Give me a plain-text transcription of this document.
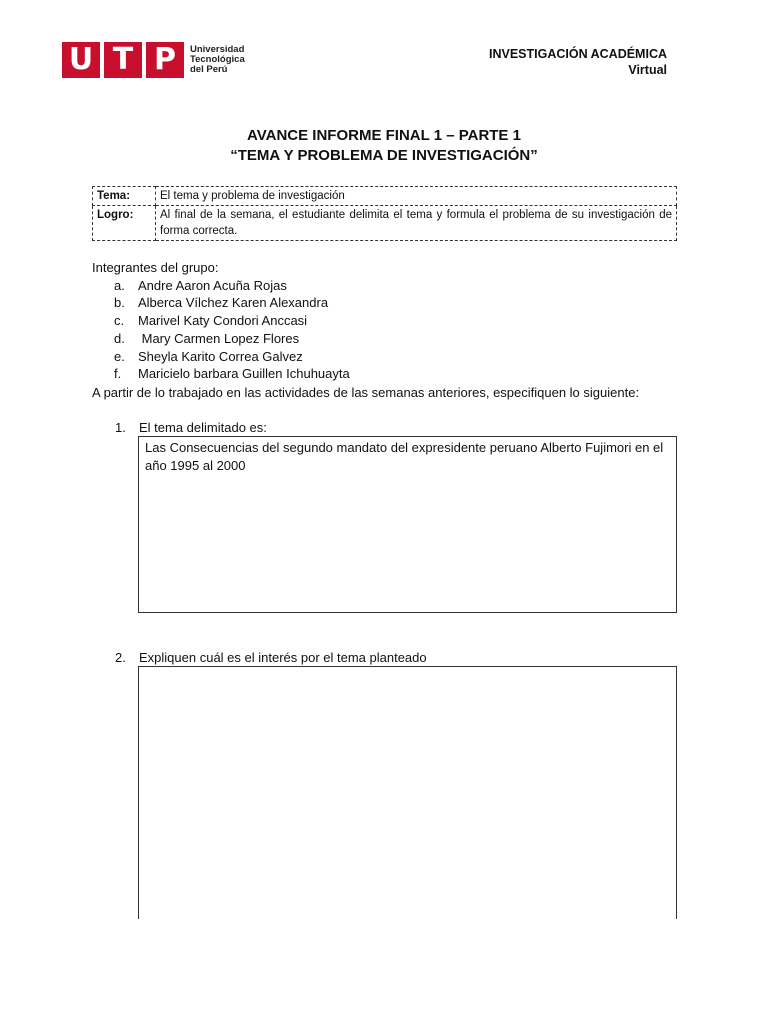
U T P	Universidad
Tecnológica
del Perú
INVESTIGACIÓN ACADÉMICA
Virtual
AVANCE INFORME FINAL 1 – PARTE 1
“TEMA Y PROBLEMA DE INVESTIGACIÓN”
Tema:	El tema y problema de investigación
Logro:	Al final de la semana, el estudiante delimita el tema y formula el problema de su investigación de forma correcta.
Integrantes del grupo:
a. Andre Aaron Acuña Rojas
b. Alberca Vílchez Karen Alexandra
c. Marivel Katy Condori Anccasi
d. Mary Carmen Lopez Flores
e. Sheyla Karito Correa Galvez
f. Maricielo barbara Guillen Ichuhuayta
A partir de lo trabajado en las actividades de las semanas anteriores, especifiquen lo siguiente:
1. El tema delimitado es:
Las Consecuencias del segundo mandato del expresidente peruano Alberto Fujimori en el año 1995 al 2000
2. Expliquen cuál es el interés por el tema planteado
